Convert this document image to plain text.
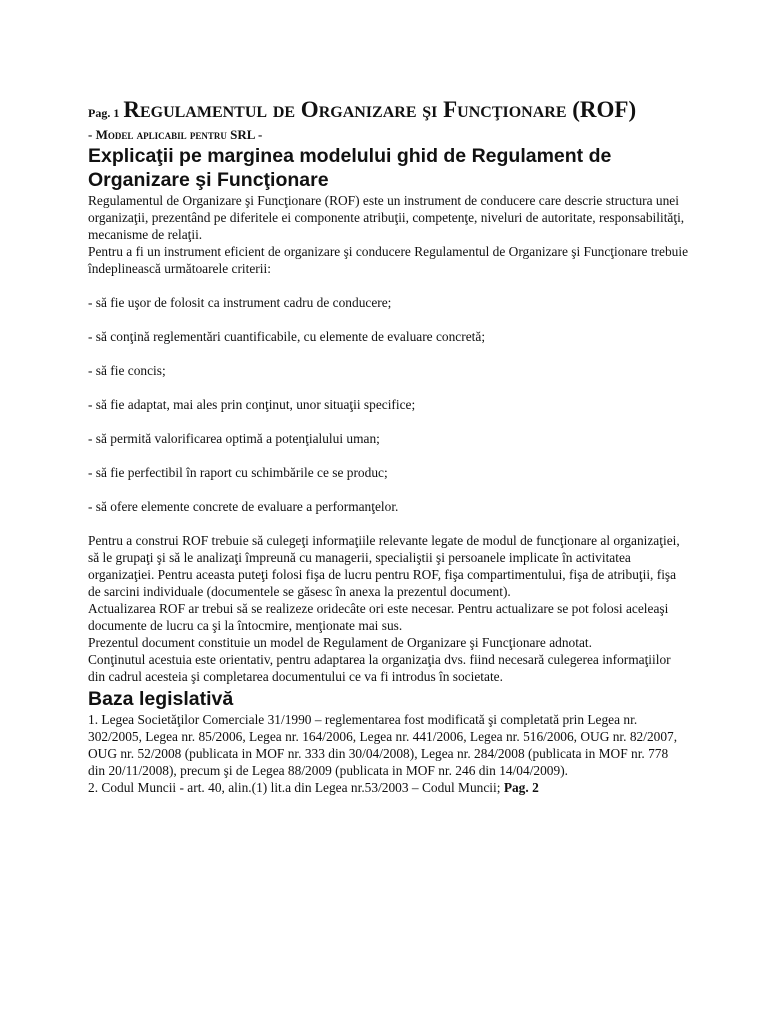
Pag. 1 Regulamentul de Organizare şi Funcţionare (ROF)
- Model aplicabil pentru SRL -
Explicaţii pe marginea modelului ghid de Regulament de Organizare şi Funcţionare

Regulamentul de Organizare şi Funcţionare (ROF) este un instrument de conducere care descrie structura unei organizaţii, prezentând pe diferitele ei componente atribuţii, competenţe, niveluri de autoritate, responsabilităţi, mecanisme de relaţii.

Pentru a fi un instrument eficient de organizare şi conducere Regulamentul de Organizare şi Funcţionare trebuie îndeplinească următoarele criterii:

- să fie uşor de folosit ca instrument cadru de conducere;

- să conţină reglementări cuantificabile, cu elemente de evaluare concretă;

- să fie concis;

- să fie adaptat, mai ales prin conţinut, unor situaţii specifice;

- să permită valorificarea optimă a potenţialului uman;

- să fie perfectibil în raport cu schimbările ce se produc;

- să ofere elemente concrete de evaluare a performanţelor.

Pentru a construi ROF trebuie să culegeţi informaţiile relevante legate de modul de funcţionare al organizaţiei, să le grupaţi şi să le analizaţi împreună cu managerii, specialiştii şi persoanele implicate în activitatea organizaţiei. Pentru aceasta puteţi folosi fişa de lucru pentru ROF, fişa compartimentului, fişa de atribuţii, fişa de sarcini individuale (documentele se găsesc în anexa la prezentul document).

Actualizarea ROF ar trebui să se realizeze oridecâte ori este necesar. Pentru actualizare se pot folosi aceleaşi documente de lucru ca şi la întocmire, menţionate mai sus.

Prezentul document constituie un model de Regulament de Organizare şi Funcţionare adnotat.

Conţinutul acestuia este orientativ, pentru adaptarea la organizaţia dvs. fiind necesară culegerea informaţiilor din cadrul acesteia şi completarea documentului ce va fi introdus în societate.

Baza legislativă

1. Legea Societăţilor Comerciale 31/1990 – reglementarea fost modificată şi completată prin Legea nr. 302/2005, Legea nr. 85/2006, Legea nr. 164/2006, Legea nr. 441/2006, Legea nr. 516/2006, OUG nr. 82/2007, OUG nr. 52/2008 (publicata in MOF nr. 333 din 30/04/2008), Legea nr. 284/2008 (publicata in MOF nr. 778 din 20/11/2008), precum şi de Legea 88/2009 (publicata in MOF nr. 246 din 14/04/2009).

2. Codul Muncii - art. 40, alin.(1) lit.a din Legea nr.53/2003 – Codul Muncii; Pag. 2
